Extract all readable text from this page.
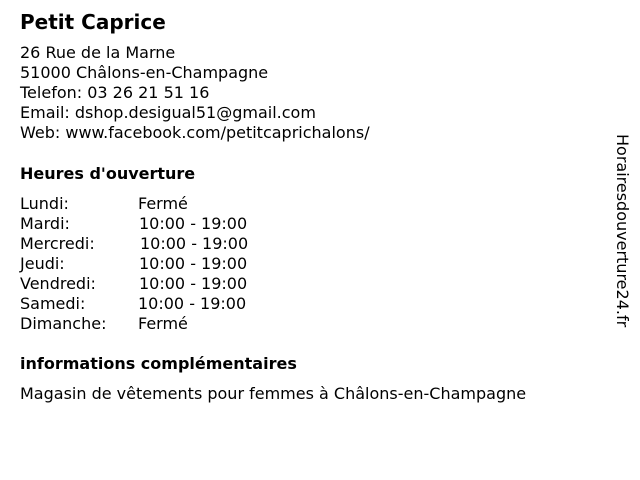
Petit Caprice
26 Rue de la Marne
51000 Châlons-en-Champagne
Telefon: 03 26 21 51 16
Email: dshop.desigual51@gmail.com
Web: www.facebook.com/petitcaprichalons/
Heures d'ouverture
Lundi:	Fermé
Mardi:	10:00 - 19:00
Mercredi:	10:00 - 19:00
Jeudi:	10:00 - 19:00
Vendredi:	10:00 - 19:00
Samedi:	10:00 - 19:00
Dimanche: Fermé
informations complémentaires
Magasin de vêtements pour femmes à Châlons-en-Champagne
Horairesdouverture24.fr
